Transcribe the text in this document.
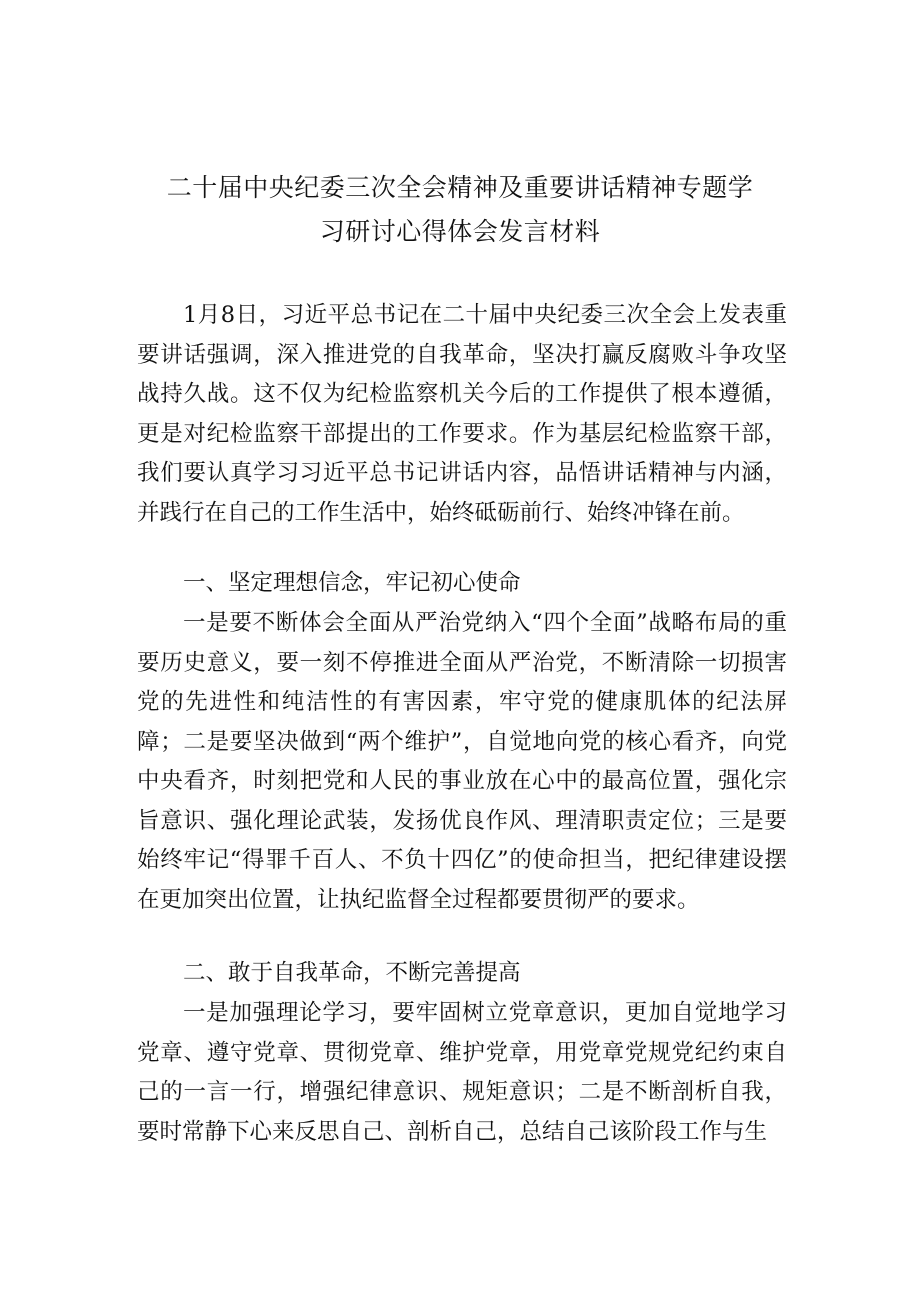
二十届中央纪委三次全会精神及重要讲话精神专题学
习研讨心得体会发言材料

1月8日，习近平总书记在二十届中央纪委三次全会上发表重要讲话强调，深入推进党的自我革命，坚决打赢反腐败斗争攻坚战持久战。这不仅为纪检监察机关今后的工作提供了根本遵循，更是对纪检监察干部提出的工作要求。作为基层纪检监察干部，我们要认真学习习近平总书记讲话内容，品悟讲话精神与内涵，并践行在自己的工作生活中，始终砥砺前行、始终冲锋在前。

一、坚定理想信念，牢记初心使命

一是要不断体会全面从严治党纳入“四个全面”战略布局的重要历史意义，要一刻不停推进全面从严治党，不断清除一切损害党的先进性和纯洁性的有害因素，牢守党的健康肌体的纪法屏障；二是要坚决做到“两个维护”，自觉地向党的核心看齐，向党中央看齐，时刻把党和人民的事业放在心中的最高位置，强化宗旨意识、强化理论武装，发扬优良作风、理清职责定位；三是要始终牢记“得罪千百人、不负十四亿”的使命担当，把纪律建设摆在更加突出位置，让执纪监督全过程都要贯彻严的要求。

二、敢于自我革命，不断完善提高

一是加强理论学习，要牢固树立党章意识，更加自觉地学习党章、遵守党章、贯彻党章、维护党章，用党章党规党纪约束自己的一言一行，增强纪律意识、规矩意识；二是不断剖析自我，要时常静下心来反思自己、剖析自己，总结自己该阶段工作与生
